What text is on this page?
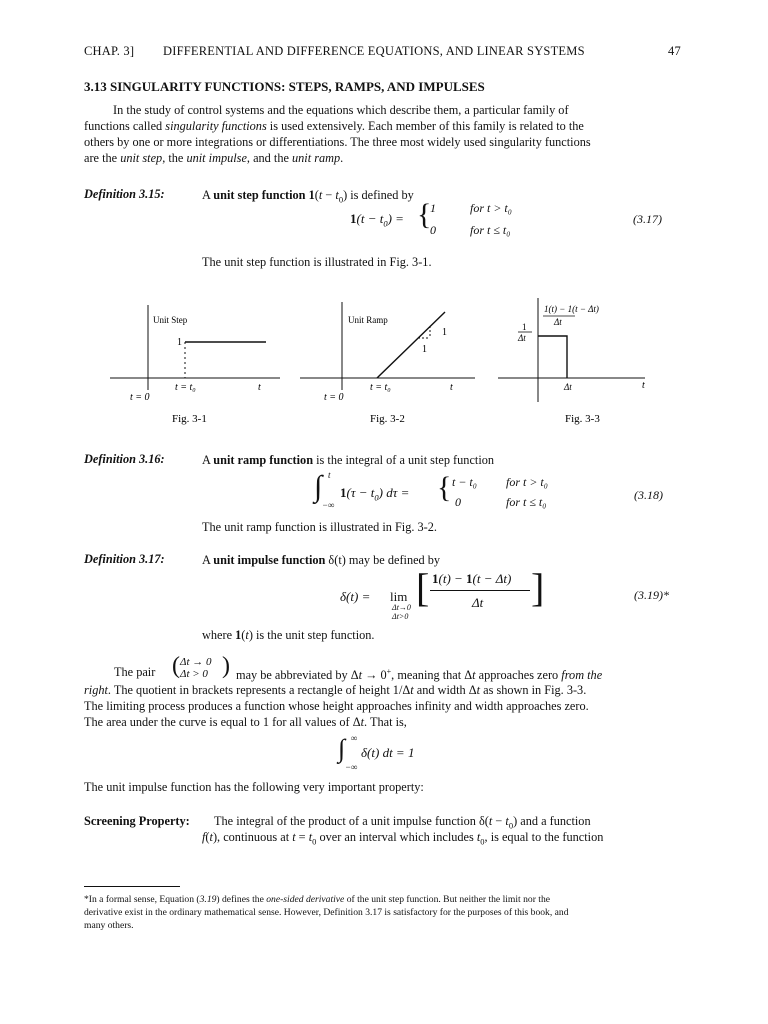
CHAP. 3] DIFFERENTIAL AND DIFFERENCE EQUATIONS, AND LINEAR SYSTEMS	47
3.13 SINGULARITY FUNCTIONS: STEPS, RAMPS, AND IMPULSES
In the study of control systems and the equations which describe them, a particular family of
functions called singularity functions is used extensively. Each member of this family is related to the
others by one or more integrations or differentiations. The three most widely used singularity functions
are the unit step, the unit impulse, and the unit ramp.
Definition 3.15:	A unit step function $1(t - t_0)$ is defined by
$1(t - t_0)$ = {
1	for t > t₀
0	for t ≤ t₀
(3.17)
The unit step function is illustrated in Fig. 3-1.
Unit Step
1
t = t₀	t
t = 0
Fig. 3-1
Unit Ramp
1
1
t = t₀	t
t = 0
Fig. 3-2
1(t) − 1(t − Δt)
Δt
1
Δt
Δt	t
Fig. 3-3
Definition 3.16:	A unit ramp function is the integral of a unit step function
∫ t
−∞
$1(\tau - t_0)$ dτ = { t − t₀ for t > t₀
0	for t ≤ t₀	(3.18)
The unit ramp function is illustrated in Fig. 3-2.
Definition 3.17:	A unit impulse function δ(t) may be defined by
δ(t) = lim
Δt→0
Δt>0
[ 1(t) − 1(t − Δt)
Δt ]	(3.19)*
where 1(t) is the unit step function.
The pair ( Δt → 0
Δt > 0 ) may be abbreviated by Δt → 0+, meaning that Δt approaches zero from the
right. The quotient in brackets represents a rectangle of height 1/Δt and width Δt as shown in Fig. 3-3.
The limiting process produces a function whose height approaches infinity and width approaches zero.
The area under the curve is equal to 1 for all values of Δt. That is,
∫ ∞
−∞
δ(t) dt = 1
The unit impulse function has the following very important property:
Screening Property: The integral of the product of a unit impulse function $\delta(t - t_0)$ and a function
f(t), continuous at $t = t_0$ over an interval which includes $t_0$, is equal to the function
*In a formal sense, Equation (3.19) defines the one-sided derivative of the unit step function. But neither the limit nor the
derivative exist in the ordinary mathematical sense. However, Definition 3.17 is satisfactory for the purposes of this book, and
many others.
